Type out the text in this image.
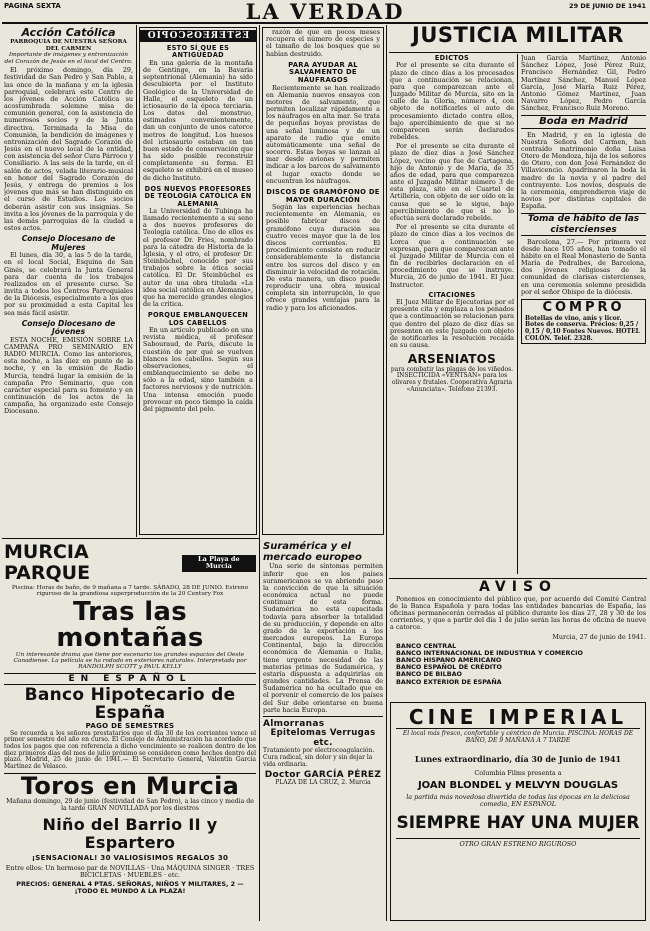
PAGINA SEXTA	LA VERDAD	29 DE JUNIO DE 1941
Acción Católica
PARROQUIA DE NUESTRA SEÑORA DEL CARMEN
Importante de imágenes y entronización del Corazón de Jesús en el local del Centro.

El próximo domingo, día 29, festividad de San Pedro y San Pablo, a las once de la mañana y en la iglesia parroquial, celebrará este Centro de los jóvenes de Acción Católica su acostumbrada solemne misa de comunión general, con la asistencia de numerosos socios y de la Junta directiva. Terminada la Misa de Comunión, la bendición de imágenes y entronización del Sagrado Corazón de Jesús en el nuevo local de la entidad, con asistencia del señor Cura Párroco y Consiliario. A las seis de la tarde, en el salón de actos, velada literario-musical en honor del Sagrado Corazón de Jesús, y entrega de premios a los jóvenes que más se han distinguido en el curso de Estudios. Los socios deberán asistir con sus insignias. Se invita a los jóvenes de la parroquia y de las demás parroquias de la ciudad a estos actos.

Consejo Diocesano de Mujeres

El lunes, día 30, a las 5 de la tarde, en el local Social, Esquina de San Ginés, se celebrará la Junta General para dar cuenta de los trabajos realizados en el presente curso. Se invita a todos los Centros Parroquiales de la Diócesis, especialmente a los que por su proximidad a esta Capital les sea más fácil asistir.

Consejo Diocesano de Jóvenes

ESTA NOCHE, EMISIÓN SOBRE LA CAMPAÑA PRO SEMINARIO EN RADIO MURCIA. Como las anteriores, esta noche, a las diez en punto de la noche, y en la emisión de Radio Murcia, tendrá lugar la emisión de la campaña Pro Seminario, que con carácter especial para su fomento y en continuación de los actos de la campaña, ha organizado este Consejo Diocesano.

ESTEREOSCOPIO
ESTO SÍ QUE ES ANTIGÜEDAD

En una galería de la montaña de Gentinge, en la Bavaria septentrional (Alemania) ha sido descubierta por el Instituto Geológico de la Universidad de Halle, el esqueleto de un ictiosaurio de la época terciaria. Los datos del monstruo, estimados convenientemente, dan un conjunto de unos catorce metros de longitud. Los huesos del ictiosaurio estaban en tan buen estado de conservación que ha sido posible reconstruir completamente su forma. El esqueleto se exhibirá en el museo de dicho Instituto.

DOS NUEVOS PROFESORES DE TEOLOGÍA CATÓLICA EN ALEMANIA

La Universidad de Tubinga ha llamado recientemente a su seno a dos nuevos profesores de Teología católica. Uno de ellos es el profesor Dr. Fries, nombrado para la cátedra de Historia de la Iglesia, y el otro, el profesor Dr. Steinbüchel, conocido por sus trabajos sobre la ética social católica. El Dr. Steinbüchel es autor de una obra titulada «La idea social católica en Alemania», que ha merecido grandes elogios de la crítica.

PORQUE EMBLANQUECEN LOS CABELLOS

En un artículo publicado en una revista médica, el profesor Sabouraud, de París, discute la cuestión de por qué se vuelven blancos los cabellos. Según sus observaciones, el emblanquecimiento se debe no sólo a la edad, sino también a factores nerviosos y de nutrición. Una intensa emoción puede provocar en poco tiempo la caída del pigmento del pelo.

razón de que en pocos meses recupera el número de especies y el tamaño de los bosques que se habían destruido.

PARA AYUDAR AL SALVAMENTO DE NÁUFRAGOS

Recientemente se han realizado en Alemania nuevos ensayos con motores de salvamento, que permiten localizar rápidamente a los náufragos en alta mar. Se trata de pequeñas boyas provistas de una señal luminosa y de un aparato de radio que emite automáticamente una señal de socorro. Estas boyas se lanzan al mar desde aviones y permiten indicar a los barcos de salvamento el lugar exacto donde se encuentran los náufragos.

DISCOS DE GRAMÓFONO DE MAYOR DURACIÓN

Según las experiencias hechas recientemente en Alemania, es posible fabricar discos de gramófono cuya duración sea cuatro veces mayor que la de los discos corrientes. El procedimiento consiste en reducir considerablemente la distancia entre los surcos del disco y en disminuir la velocidad de rotación. De esta manera, un disco puede reproducir una obra musical completa sin interrupción, lo que ofrece grandes ventajas para la radio y para los aficionados.

JUSTICIA MILITAR
EDICTOS

Por el presente se cita durante el plazo de cinco días a los procesados que a continuación se relacionan, para que comparezcan ante el Juzgado Militar de Murcia, sito en la calle de la Gloria, número 4, con objeto de notificarles el auto de procesamiento dictado contra ellos, bajo apercibimiento de que si no comparecen serán declarados rebeldes.

Por el presente se cita durante el plazo de diez días a José Sánchez López, vecino que fue de Cartagena, hijo de Antonio y de María, de 35 años de edad, para que comparezca ante el Juzgado Militar número 3 de esta plaza, sito en el Cuartel de Artillería, con objeto de ser oído en la causa que se le sigue, bajo apercibimiento de que si no lo efectúa será declarado rebelde.

Por el presente se cita durante el plazo de cinco días a los vecinos de Lorca que a continuación se expresan, para que comparezcan ante el Juzgado Militar de Murcia con el fin de recibirles declaración en el procedimiento que se instruye. Murcia, 26 de junio de 1941. El Juez Instructor.

CITACIONES

El Juez Militar de Ejecutorias por el presente cita y emplaza a los penados que a continuación se relacionan para que dentro del plazo de diez días se presenten en este Juzgado con objeto de notificarles la resolución recaída en su causa.

ARSENIATOS
para combatir las plagas de los viñedos. INSECTICIDA «VENTSAN» para los olivares y frutales. Cooperativa Agraria «Anunciata». Teléfono 21393.

Juan García Martínez, Antonio Sánchez López, José Pérez Ruiz, Francisco Hernández Gil, Pedro Martínez Sánchez, Manuel López García, José María Ruiz Pérez, Antonio Gómez Martínez, Juan Navarro López, Pedro García Sánchez, Francisco Ruiz Moreno.

Boda en Madrid

En Madrid, y en la iglesia de Nuestra Señora del Carmen, han contraído matrimonio doña Luisa Otero de Mendoza, hija de los señores de Otero, con don José Fernández de Villavicencio. Apadrinaron la boda la madre de la novia y el padre del contrayente. Los novios, después de la ceremonia, emprendieron viaje de novios por distintas capitales de España.

Toma de hábito de las cistercienses

Barcelona, 27.— Por primera vez desde hace 105 años, han tomado el hábito en el Real Monasterio de Santa María de Pedralbes, de Barcelona, dos jóvenes religiosas de la comunidad de clarisas cistercienses, en una ceremonia solemne presidida por el señor Obispo de la diócesis.

COMPRO
Botellas de vino, anís y licor. Botes de conserva. Precios: 0,25 / 0,15 / 0,10 Fontes Nuevos. HOTEL COLÓN. Teléf. 2328.
AVISO

Ponemos en conocimiento del público que, por acuerdo del Comité Central de la Banca Española y para todas las entidades bancarias de España, las oficinas permanecerán cerradas al público durante los días 27, 28 y 30 de los corrientes, y que a partir del día 1 de julio serán las horas de oficina de nueve a catorce.

Murcia, 27 de junio de 1941.
BANCO CENTRAL
BANCO INTERNACIONAL DE INDUSTRIA Y COMERCIO
BANCO HISPANO AMERICANO
BANCO ESPAÑOL DE CRÉDITO
BANCO DE BILBAO
BANCO EXTERIOR DE ESPAÑA
CINE IMPERIAL
El local más fresco, confortable y céntrico de Murcia. PISCINA: HORAS DE BAÑO, DE 9 MAÑANA A 7 TARDE
Lunes extraordinario, día 30 de Junio de 1941
Columbia Films presenta a
JOAN BLONDEL y MELVYN DOUGLAS
la partida más novedosa divertida de todas las épocas en la deliciosa comedia, EN ESPAÑOL
SIEMPRE HAY UNA MUJER
OTRO GRAN ESTRENO RIGUROSO
MURCIA PARQUE
La Playa de Murcia
Piscina: Horas de baño, de 9 mañana a 7 tarde. SÁBADO, 28 DE JUNIO. Estreno riguroso de la grandiosa superproducción de la 20 Century Fox
Tras las montañas
Un interesante drama que tiene por escenario los grandes espacios del Oeste Canadiense. La película se ha rodado en exteriores naturales. Interpretada por RANDOLPH SCOTT y PAUL KELLY
EN ESPAÑOL
Banco Hipotecario de España
PAGO DE SEMESTRES

Se recuerda a los señores prestatarios que el día 30 de los corrientes vence el primer semestre del año en curso. El Consejo de Administración ha acordado que todos los pagos que con referencia a dicho vencimiento se realicen dentro de los diez primeros días del mes de julio próximo se consideren como hechos dentro del plazo. Madrid, 25 de junio de 1941.— El Secretario General, Valentín García Martínez de Velasco.

Toros en Murcia
Mañana domingo, 29 de junio (festividad de San Pedro), a las cinco y media de la tarde GRAN NOVILLADA por los diestros
Niño del Barrio II y Espartero
¡SENSACIONAL! 30 VALIOSÍSIMOS REGALOS 30
Entre ellos: Un hermoso par de NOVILLAS · Una MÁQUINA SINGER · TRES BICICLETAS · MUEBLES · etc.
PRECIOS: GENERAL 4 PTAS. SEÑORAS, NIÑOS Y MILITARES, 2 — ¡TODO EL MUNDO A LA PLAZA!
Suramérica y el mercado europeo

Una serie de síntomas permiten inferir que en los países suramericanos se va abriendo paso la convicción de que la situación económica actual no puede continuar de esta forma. Sudamérica no está capacitada todavía para absorber la totalidad de su producción, y depende en alto grado de la exportación a los mercados europeos. La Europa Continental, bajo la dirección económica de Alemania e Italia, tiene urgente necesidad de las materias primas de Sudamérica, y estaría dispuesta a adquirirlas en grandes cantidades. La Prensa de Sudamérica no ha ocultado que en el porvenir el comercio de los países del Sur debe orientarse en buena parte hacia Europa.

Almorranas
Epitelomas Verrugas etc.
Tratamiento por electrocoagulación. Cura radical, sin dolor y sin dejar la vida ordinaria.
Doctor GARCÍA PÉREZ
PLAZA DE LA CRUZ, 2. Murcia
